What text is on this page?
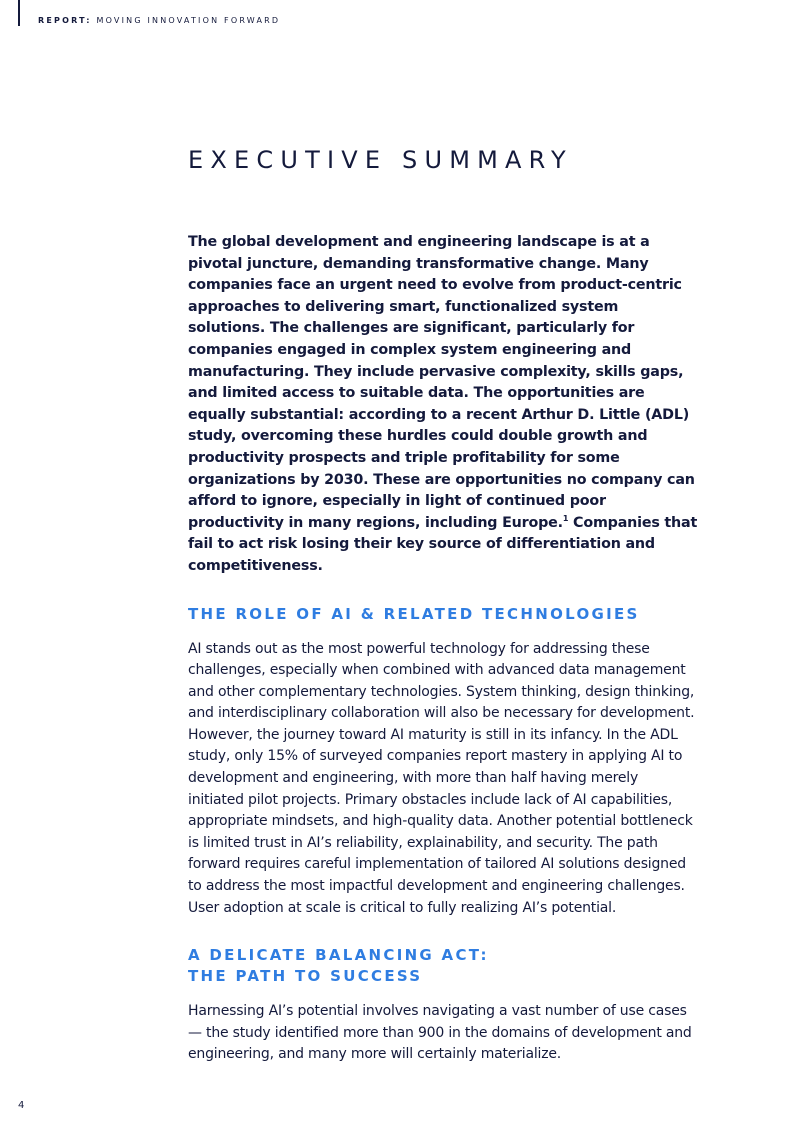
REPORT: MOVING INNOVATION FORWARD
EXECUTIVE SUMMARY

The global development and engineering landscape is at a pivotal juncture, demanding transformative change. Many companies face an urgent need to evolve from product-centric approaches to delivering smart, functionalized system solutions. The challenges are significant, particularly for companies engaged in complex system engineering and manufacturing. They include pervasive complexity, skills gaps, and limited access to suitable data. The opportunities are equally substantial: according to a recent Arthur D. Little (ADL) study, overcoming these hurdles could double growth and productivity prospects and triple profitability for some organizations by 2030. These are opportunities no company can afford to ignore, especially in light of continued poor productivity in many regions, including Europe.$^1$ Companies that fail to act risk losing their key source of differentiation and competitiveness.

THE ROLE OF AI & RELATED TECHNOLOGIES

AI stands out as the most powerful technology for addressing these challenges, especially when combined with advanced data management and other complementary technologies. System thinking, design thinking, and interdisciplinary collaboration will also be necessary for development. However, the journey toward AI maturity is still in its infancy. In the ADL study, only 15% of surveyed companies report mastery in applying AI to development and engineering, with more than half having merely initiated pilot projects. Primary obstacles include lack of AI capabilities, appropriate mindsets, and high-quality data. Another potential bottleneck is limited trust in AI’s reliability, explainability, and security. The path forward requires careful implementation of tailored AI solutions designed to address the most impactful development and engineering challenges. User adoption at scale is critical to fully realizing AI’s potential.

A DELICATE BALANCING ACT:
THE PATH TO SUCCESS

Harnessing AI’s potential involves navigating a vast number of use cases — the study identified more than 900 in the domains of development and engineering, and many more will certainly materialize.

4
